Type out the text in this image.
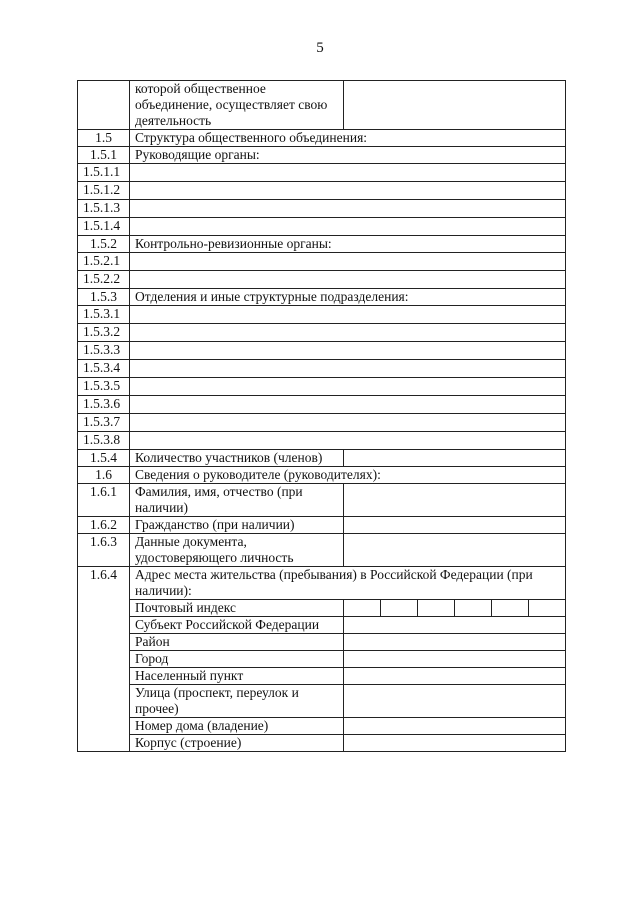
5
	которой общественное объединение, осуществляет свою деятельность	
1.5	Структура общественного объединения:	
1.5.1	Руководящие органы:	
1.5.1.1		
1.5.1.2		
1.5.1.3		
1.5.1.4		
1.5.2	Контрольно-ревизионные органы:	
1.5.2.1		
1.5.2.2		
1.5.3	Отделения и иные структурные подразделения:	
1.5.3.1		
1.5.3.2		
1.5.3.3		
1.5.3.4		
1.5.3.5		
1.5.3.6		
1.5.3.7		
1.5.3.8		
1.5.4	Количество участников (членов)	
1.6	Сведения о руководителе (руководителях):	
1.6.1	Фамилия, имя, отчество (при наличии)	
1.6.2	Гражданство (при наличии)	
1.6.3	Данные документа, удостоверяющего личность	
1.6.4	Адрес места жительства (пребывания) в Российской Федерации (при наличии):	
	Почтовый индекс	

	Субъект Российской Федерации	
	Район	
	Город	
	Населенный пункт	
	Улица (проспект, переулок и прочее)	
	Номер дома (владение)	
	Корпус (строение)	
